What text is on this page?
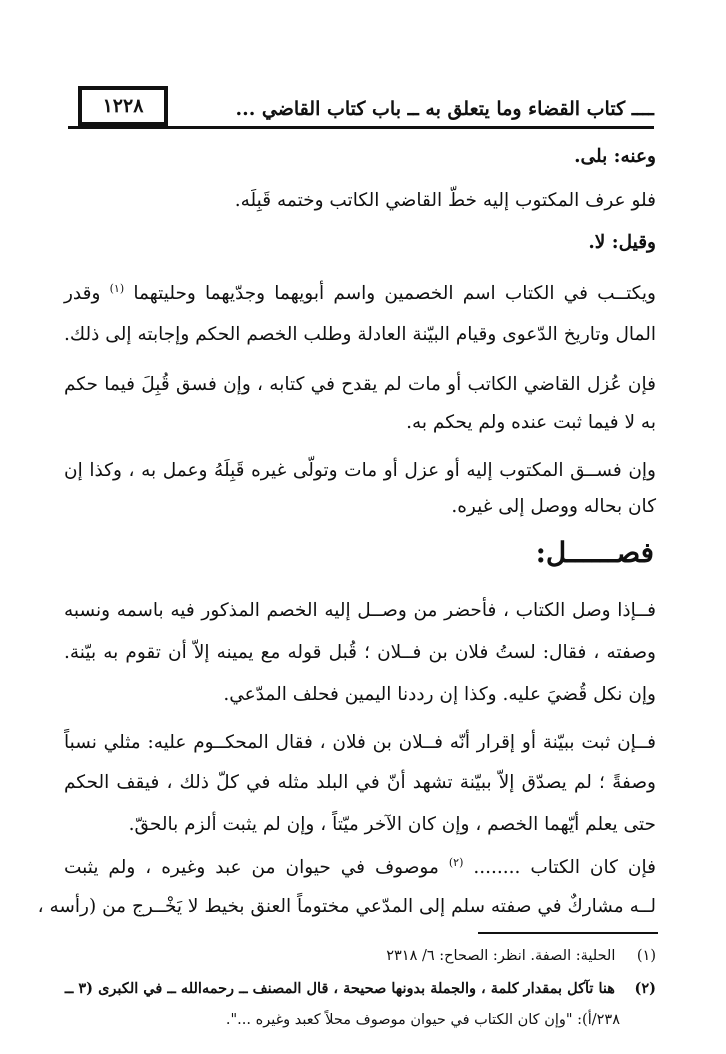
١٢٢٨	ــــ كتاب القضاء وما يتعلق به ــ باب كتاب القاضي ...
وعنه: بلى.
فلو عرف المكتوب إليه خطّ القاضي الكاتب وختمه قَبِلَه.
وقيل: لا.
ويكتــب في الكتاب اسم الخصمين واسم أبويهما وجدّيهما وحليتهما $^{(١)}$ وقدر
المال وتاريخ الدّعوى وقيام البيّنة العادلة وطلب الخصم الحكم وإجابته إلى ذلك.
فإن عُزل القاضي الكاتب أو مات لم يقدح في كتابه ، وإن فسق قُبِلَ فيما حكم
به لا فيما ثبت عنده ولم يحكم به.
وإن فســق المكتوب إليه أو عزل أو مات وتولّى غيره قَبِلَهُ وعمل به ، وكذا إن
كان بحاله ووصل إلى غيره.
فصــــــل:
فــإذا وصل الكتاب ، فأحضر من وصــل إليه الخصم المذكور فيه باسمه ونسبه
وصفته ، فقال: لستُ فلان بن فــلان ؛ قُبل قوله مع يمينه إلاّ أن تقوم به بيّنة.
وإن نكل قُضيَ عليه. وكذا إن رددنا اليمين فحلف المدّعي.
فــإن ثبت ببيّنة أو إقرار أنّه فــلان بن فلان ، فقال المحكــوم عليه: مثلي نسباً
وصفةً ؛ لم يصدّق إلاّ ببيّنة تشهد أنّ في البلد مثله في كلّ ذلك ، فيقف الحكم
حتى يعلم أيّهما الخصم ، وإن كان الآخر ميّتاً ، وإن لم يثبت ألزم بالحقّ.
فإن كان الكتاب ........ $^{(٢)}$ موصوف في حيوان من عبد وغيره ، ولم يثبت
لــه مشاركٌ في صفته سلم إلى المدّعي مختوماً العنق بخيط لا يَخْــرج من (رأسه ،
(١) الحلية: الصفة. انظر: الصحاح: ٦/ ٢٣١٨
(٢) هنا تآكل بمقدار كلمة ، والجملة بدونها صحيحة ، قال المصنف ــ رحمه‌الله ــ في الكبرى (٣ ــ
٢٣٨/أ): "وإن كان الكتاب في حيوان موصوف محلاً كعبد وغيره ...".
